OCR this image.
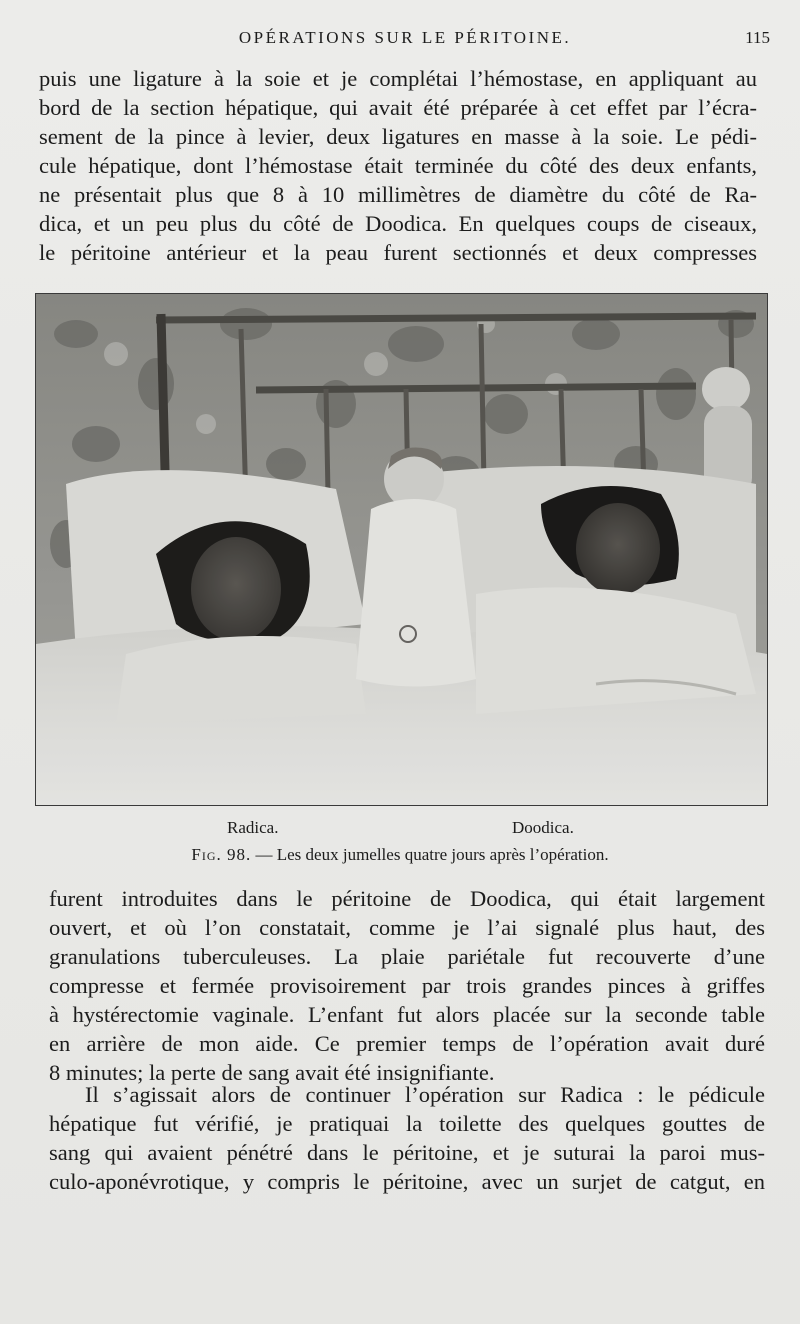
OPÉRATIONS SUR LE PÉRITOINE.	115
puis une ligature à la soie et je complétai l’hémostase, en appliquant au
bord de la section hépatique, qui avait été préparée à cet effet par l’écra-
sement de la pince à levier, deux ligatures en masse à la soie. Le pédi-
cule hépatique, dont l’hémostase était terminée du côté des deux enfants,
ne présentait plus que 8 à 10 millimètres de diamètre du côté de Ra-
dica, et un peu plus du côté de Doodica. En quelques coups de ciseaux,
le péritoine antérieur et la peau furent sectionnés et deux compresses
Radica.	Doodica.
Fig. 98. — Les deux jumelles quatre jours après l’opération.
furent introduites dans le péritoine de Doodica, qui était largement
ouvert, et où l’on constatait, comme je l’ai signalé plus haut, des
granulations tuberculeuses. La plaie pariétale fut recouverte d’une
compresse et fermée provisoirement par trois grandes pinces à griffes
à hystérectomie vaginale. L’enfant fut alors placée sur la seconde table
en arrière de mon aide. Ce premier temps de l’opération avait duré
8 minutes; la perte de sang avait été insignifiante.
Il s’agissait alors de continuer l’opération sur Radica : le pédicule
hépatique fut vérifié, je pratiquai la toilette des quelques gouttes de
sang qui avaient pénétré dans le péritoine, et je suturai la paroi mus-
culo-aponévrotique, y compris le péritoine, avec un surjet de catgut, en
